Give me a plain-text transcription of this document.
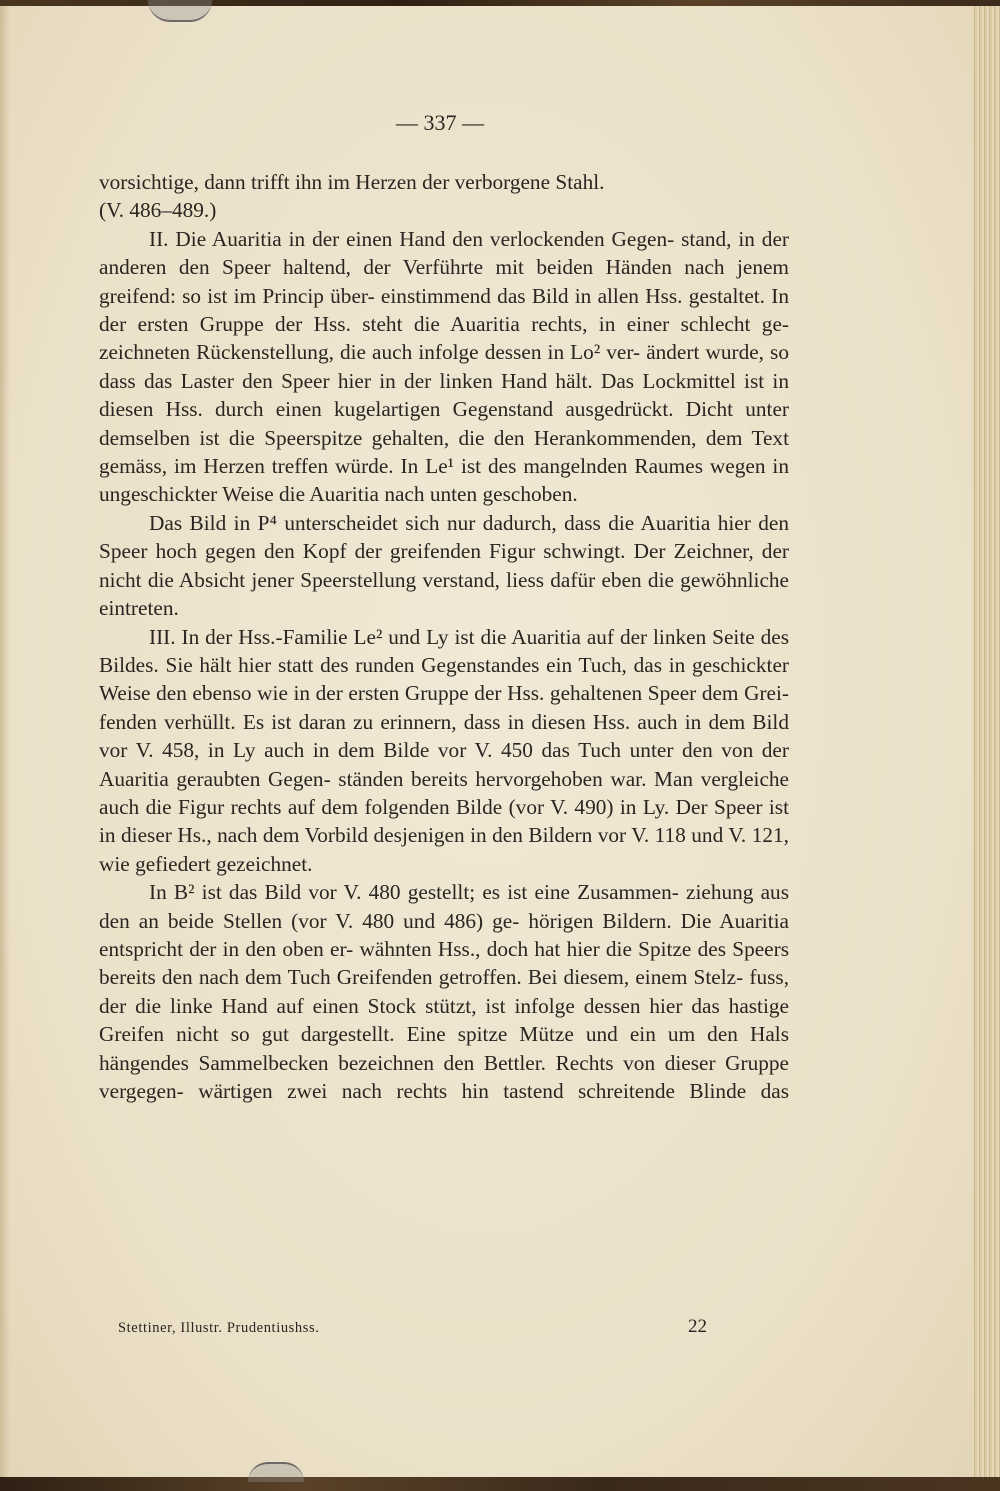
— 337 —

vorsichtige, dann trifft ihn im Herzen der verborgene Stahl.
(V. 486–489.)

II. Die Auaritia in der einen Hand den verlockenden Gegen- stand, in der anderen den Speer haltend, der Verführte mit beiden Händen nach jenem greifend: so ist im Princip über- einstimmend das Bild in allen Hss. gestaltet. In der ersten Gruppe der Hss. steht die Auaritia rechts, in einer schlecht ge- zeichneten Rückenstellung, die auch infolge dessen in Lo² ver- ändert wurde, so dass das Laster den Speer hier in der linken Hand hält. Das Lockmittel ist in diesen Hss. durch einen kugelartigen Gegenstand ausgedrückt. Dicht unter demselben ist die Speerspitze gehalten, die den Herankommenden, dem Text gemäss, im Herzen treffen würde. In Le¹ ist des mangelnden Raumes wegen in ungeschickter Weise die Auaritia nach unten geschoben.

Das Bild in P⁴ unterscheidet sich nur dadurch, dass die Auaritia hier den Speer hoch gegen den Kopf der greifenden Figur schwingt. Der Zeichner, der nicht die Absicht jener Speerstellung verstand, liess dafür eben die gewöhnliche eintreten.

III. In der Hss.-Familie Le² und Ly ist die Auaritia auf der linken Seite des Bildes. Sie hält hier statt des runden Gegenstandes ein Tuch, das in geschickter Weise den ebenso wie in der ersten Gruppe der Hss. gehaltenen Speer dem Grei- fenden verhüllt. Es ist daran zu erinnern, dass in diesen Hss. auch in dem Bild vor V. 458, in Ly auch in dem Bilde vor V. 450 das Tuch unter den von der Auaritia geraubten Gegen- ständen bereits hervorgehoben war. Man vergleiche auch die Figur rechts auf dem folgenden Bilde (vor V. 490) in Ly. Der Speer ist in dieser Hs., nach dem Vorbild desjenigen in den Bildern vor V. 118 und V. 121, wie gefiedert gezeichnet.

In B² ist das Bild vor V. 480 gestellt; es ist eine Zusammen- ziehung aus den an beide Stellen (vor V. 480 und 486) ge- hörigen Bildern. Die Auaritia entspricht der in den oben er- wähnten Hss., doch hat hier die Spitze des Speers bereits den nach dem Tuch Greifenden getroffen. Bei diesem, einem Stelz- fuss, der die linke Hand auf einen Stock stützt, ist infolge dessen hier das hastige Greifen nicht so gut dargestellt. Eine spitze Mütze und ein um den Hals hängendes Sammelbecken bezeichnen den Bettler. Rechts von dieser Gruppe vergegen- wärtigen zwei nach rechts hin tastend schreitende Blinde das

Stettiner, Illustr. Prudentiushss.	22
